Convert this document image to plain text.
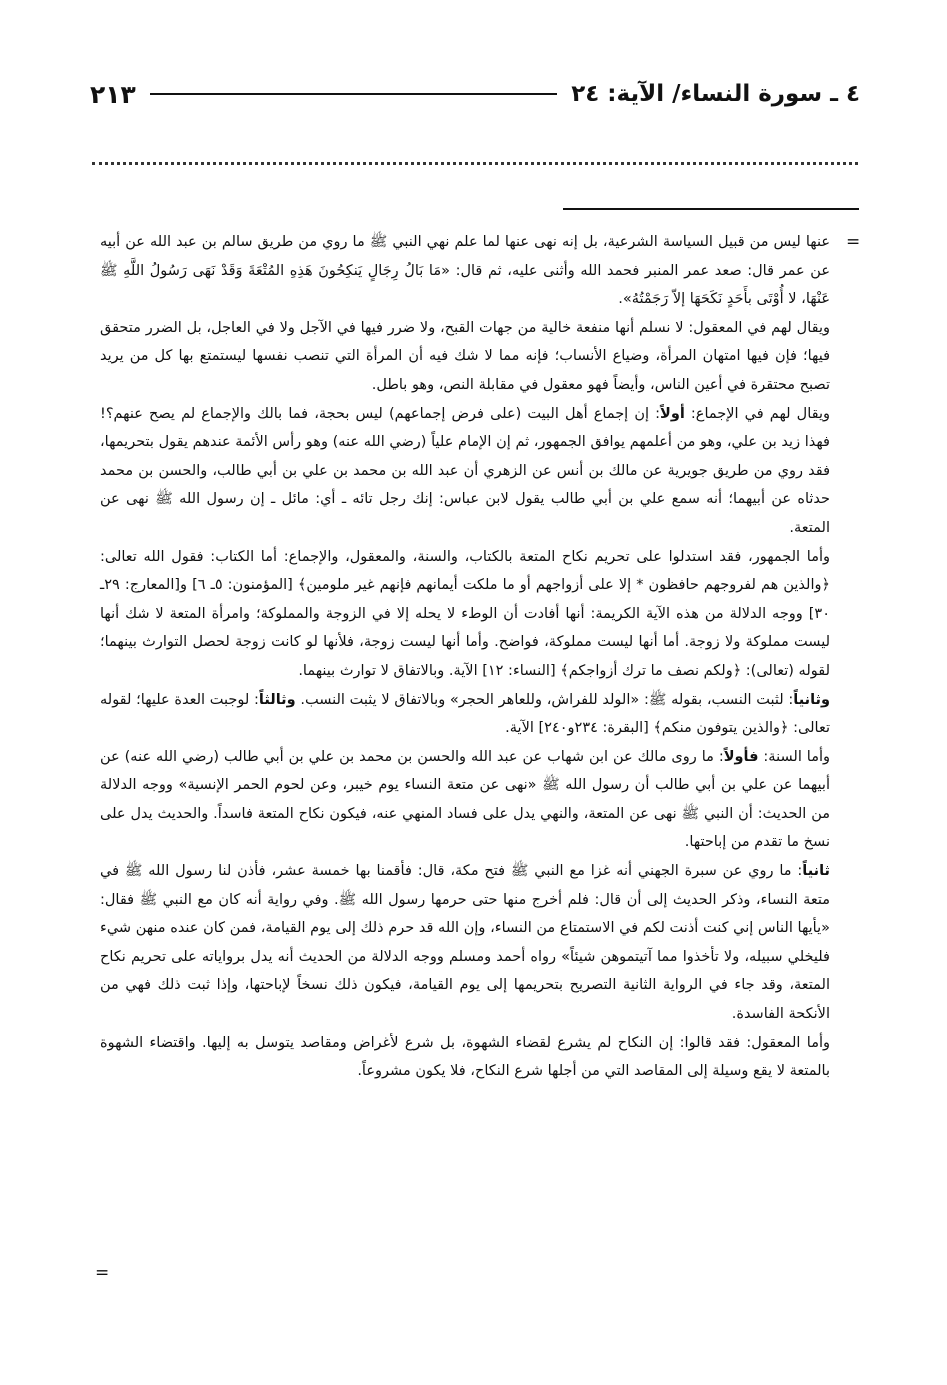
٤ ـ سورة النساء/ الآية: ٢٤
٢١٣
=
=

عنها ليس من قبيل السياسة الشرعية، بل إنه نهى عنها لما علم نهي النبي ﷺ ما روي من طريق سالم بن عبد الله عن أبيه عن عمر قال: صعد عمر المنبر فحمد الله وأثنى عليه، ثم قال: «مَا بَالُ رِجَالٍ يَنكِحُونَ هَذِهِ المُتْعَةَ وَقَدْ نَهَى رَسُولُ اللَّهِ ﷺ عَنْهَا، لا أُوْتَى بأَحَدٍ نَكَحَهَا إلاّ رَجَمْتُهُ».

ويقال لهم في المعقول: لا نسلم أنها منفعة خالية من جهات القبح، ولا ضرر فيها في الآجل ولا في العاجل، بل الضرر متحقق فيها؛ فإن فيها امتهان المرأة، وضياع الأنساب؛ فإنه مما لا شك فيه أن المرأة التي تنصب نفسها ليستمتع بها كل من يريد تصبح محتقرة في أعين الناس، وأيضاً فهو معقول في مقابلة النص، وهو باطل.

ويقال لهم في الإجماع: أولاً: إن إجماع أهل البيت (على فرض إجماعهم) ليس بحجة، فما بالك والإجماع لم يصح عنهم؟! فهذا زيد بن علي، وهو من أعلمهم يوافق الجمهور، ثم إن الإمام علياً (رضي الله عنه) وهو رأس الأئمة عندهم يقول بتحريمها، فقد روي من طريق جويرية عن مالك بن أنس عن الزهري أن عبد الله بن محمد بن علي بن أبي طالب، والحسن بن محمد حدثاه عن أبيهما؛ أنه سمع علي بن أبي طالب يقول لابن عباس: إنك رجل تائه ـ أي: مائل ـ إن رسول الله ﷺ نهى عن المتعة.

وأما الجمهور، فقد استدلوا على تحريم نكاح المتعة بالكتاب، والسنة، والمعقول، والإجماع: أما الكتاب: فقول الله تعالى: ﴿والذين هم لفروجهم حافظون * إلا على أزواجهم أو ما ملكت أيمانهم فإنهم غير ملومين﴾ [المؤمنون: ٥ـ ٦] و[المعارج: ٢٩ـ ٣٠] ووجه الدلالة من هذه الآية الكريمة: أنها أفادت أن الوطء لا يحله إلا في الزوجة والمملوكة؛ وامرأة المتعة لا شك أنها ليست مملوكة ولا زوجة. أما أنها ليست مملوكة، فواضح. وأما أنها ليست زوجة، فلأنها لو كانت زوجة لحصل التوارث بينهما؛ لقوله (تعالى): ﴿ولكم نصف ما ترك أزواجكم﴾ [النساء: ١٢] الآية. وبالاتفاق لا توارث بينهما.

وثانياً: لثبت النسب، بقوله ﷺ: «الولد للفراش، وللعاهر الحجر» وبالاتفاق لا يثبت النسب. وثالثاً: لوجبت العدة عليها؛ لقوله تعالى: ﴿والذين يتوفون منكم﴾ [البقرة: ٢٣٤و٢٤٠] الآية.

وأما السنة: فأولاً: ما روى مالك عن ابن شهاب عن عبد الله والحسن بن محمد بن علي بن أبي طالب (رضي الله عنه) عن أبيهما عن علي بن أبي طالب أن رسول الله ﷺ «نهى عن متعة النساء يوم خيبر، وعن لحوم الحمر الإنسية» ووجه الدلالة من الحديث: أن النبي ﷺ نهى عن المتعة، والنهي يدل على فساد المنهي عنه، فيكون نكاح المتعة فاسداً. والحديث يدل على نسخ ما تقدم من إباحتها.

ثانياً: ما روي عن سبرة الجهني أنه غزا مع النبي ﷺ فتح مكة، قال: فأقمنا بها خمسة عشر، فأذن لنا رسول الله ﷺ في متعة النساء، وذكر الحديث إلى أن قال: فلم أخرج منها حتى حرمها رسول الله ﷺ. وفي رواية أنه كان مع النبي ﷺ فقال: «يأيها الناس إني كنت أذنت لكم في الاستمتاع من النساء، وإن الله قد حرم ذلك إلى يوم القيامة، فمن كان عنده منهن شيء فليخلي سبيله، ولا تأخذوا مما آتيتموهن شيئاً» رواه أحمد ومسلم ووجه الدلالة من الحديث أنه يدل برواياته على تحريم نكاح المتعة، وقد جاء في الرواية الثانية التصريح بتحريمها إلى يوم القيامة، فيكون ذلك نسخاً لإباحتها، وإذا ثبت ذلك فهي من الأنكحة الفاسدة.

وأما المعقول: فقد قالوا: إن النكاح لم يشرع لقضاء الشهوة، بل شرع لأغراض ومقاصد يتوسل به إليها. واقتضاء الشهوة بالمتعة لا يقع وسيلة إلى المقاصد التي من أجلها شرع النكاح، فلا يكون مشروعاً.
